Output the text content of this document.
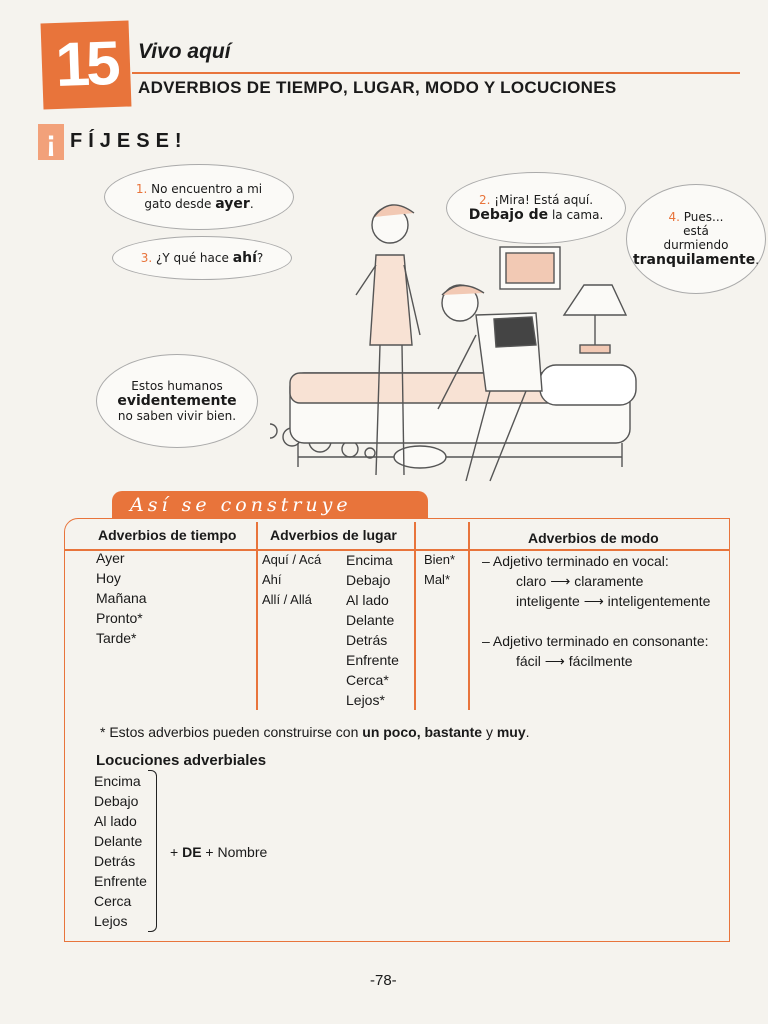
15 Vivo aquí
ADVERBIOS DE TIEMPO, LUGAR, MODO Y LOCUCIONES
¡ FÍJESE!
1. No encuentro a mi
gato desde ayer.
3. ¿Y qué hace ahí?
2. ¡Mira! Está aquí.
Debajo de la cama.	4. Pues...
está
durmiendo
tranquilamente.
Estos humanos
evidentemente
no saben vivir bien.
Así se construye
Adverbios de tiempo Adverbios de lugar	Adverbios de modo
Ayer
Hoy
Mañana
Pronto*
Tarde*
Aquí / Acá
Ahí
Allí / Allá
Encima
Debajo
Al lado
Delante
Detrás
Enfrente
Cerca*
Lejos*
Bien*
Mal*
– Adjetivo terminado en vocal:
claro ⟶ claramente
inteligente ⟶ inteligentemente
– Adjetivo terminado en consonante:
fácil ⟶ fácilmente
* Estos adverbios pueden construirse con un poco, bastante y muy.
Locuciones adverbiales
Encima
Debajo
Al lado
Delante
Detrás
Enfrente
Cerca
Lejos
+ DE + Nombre
-78-
